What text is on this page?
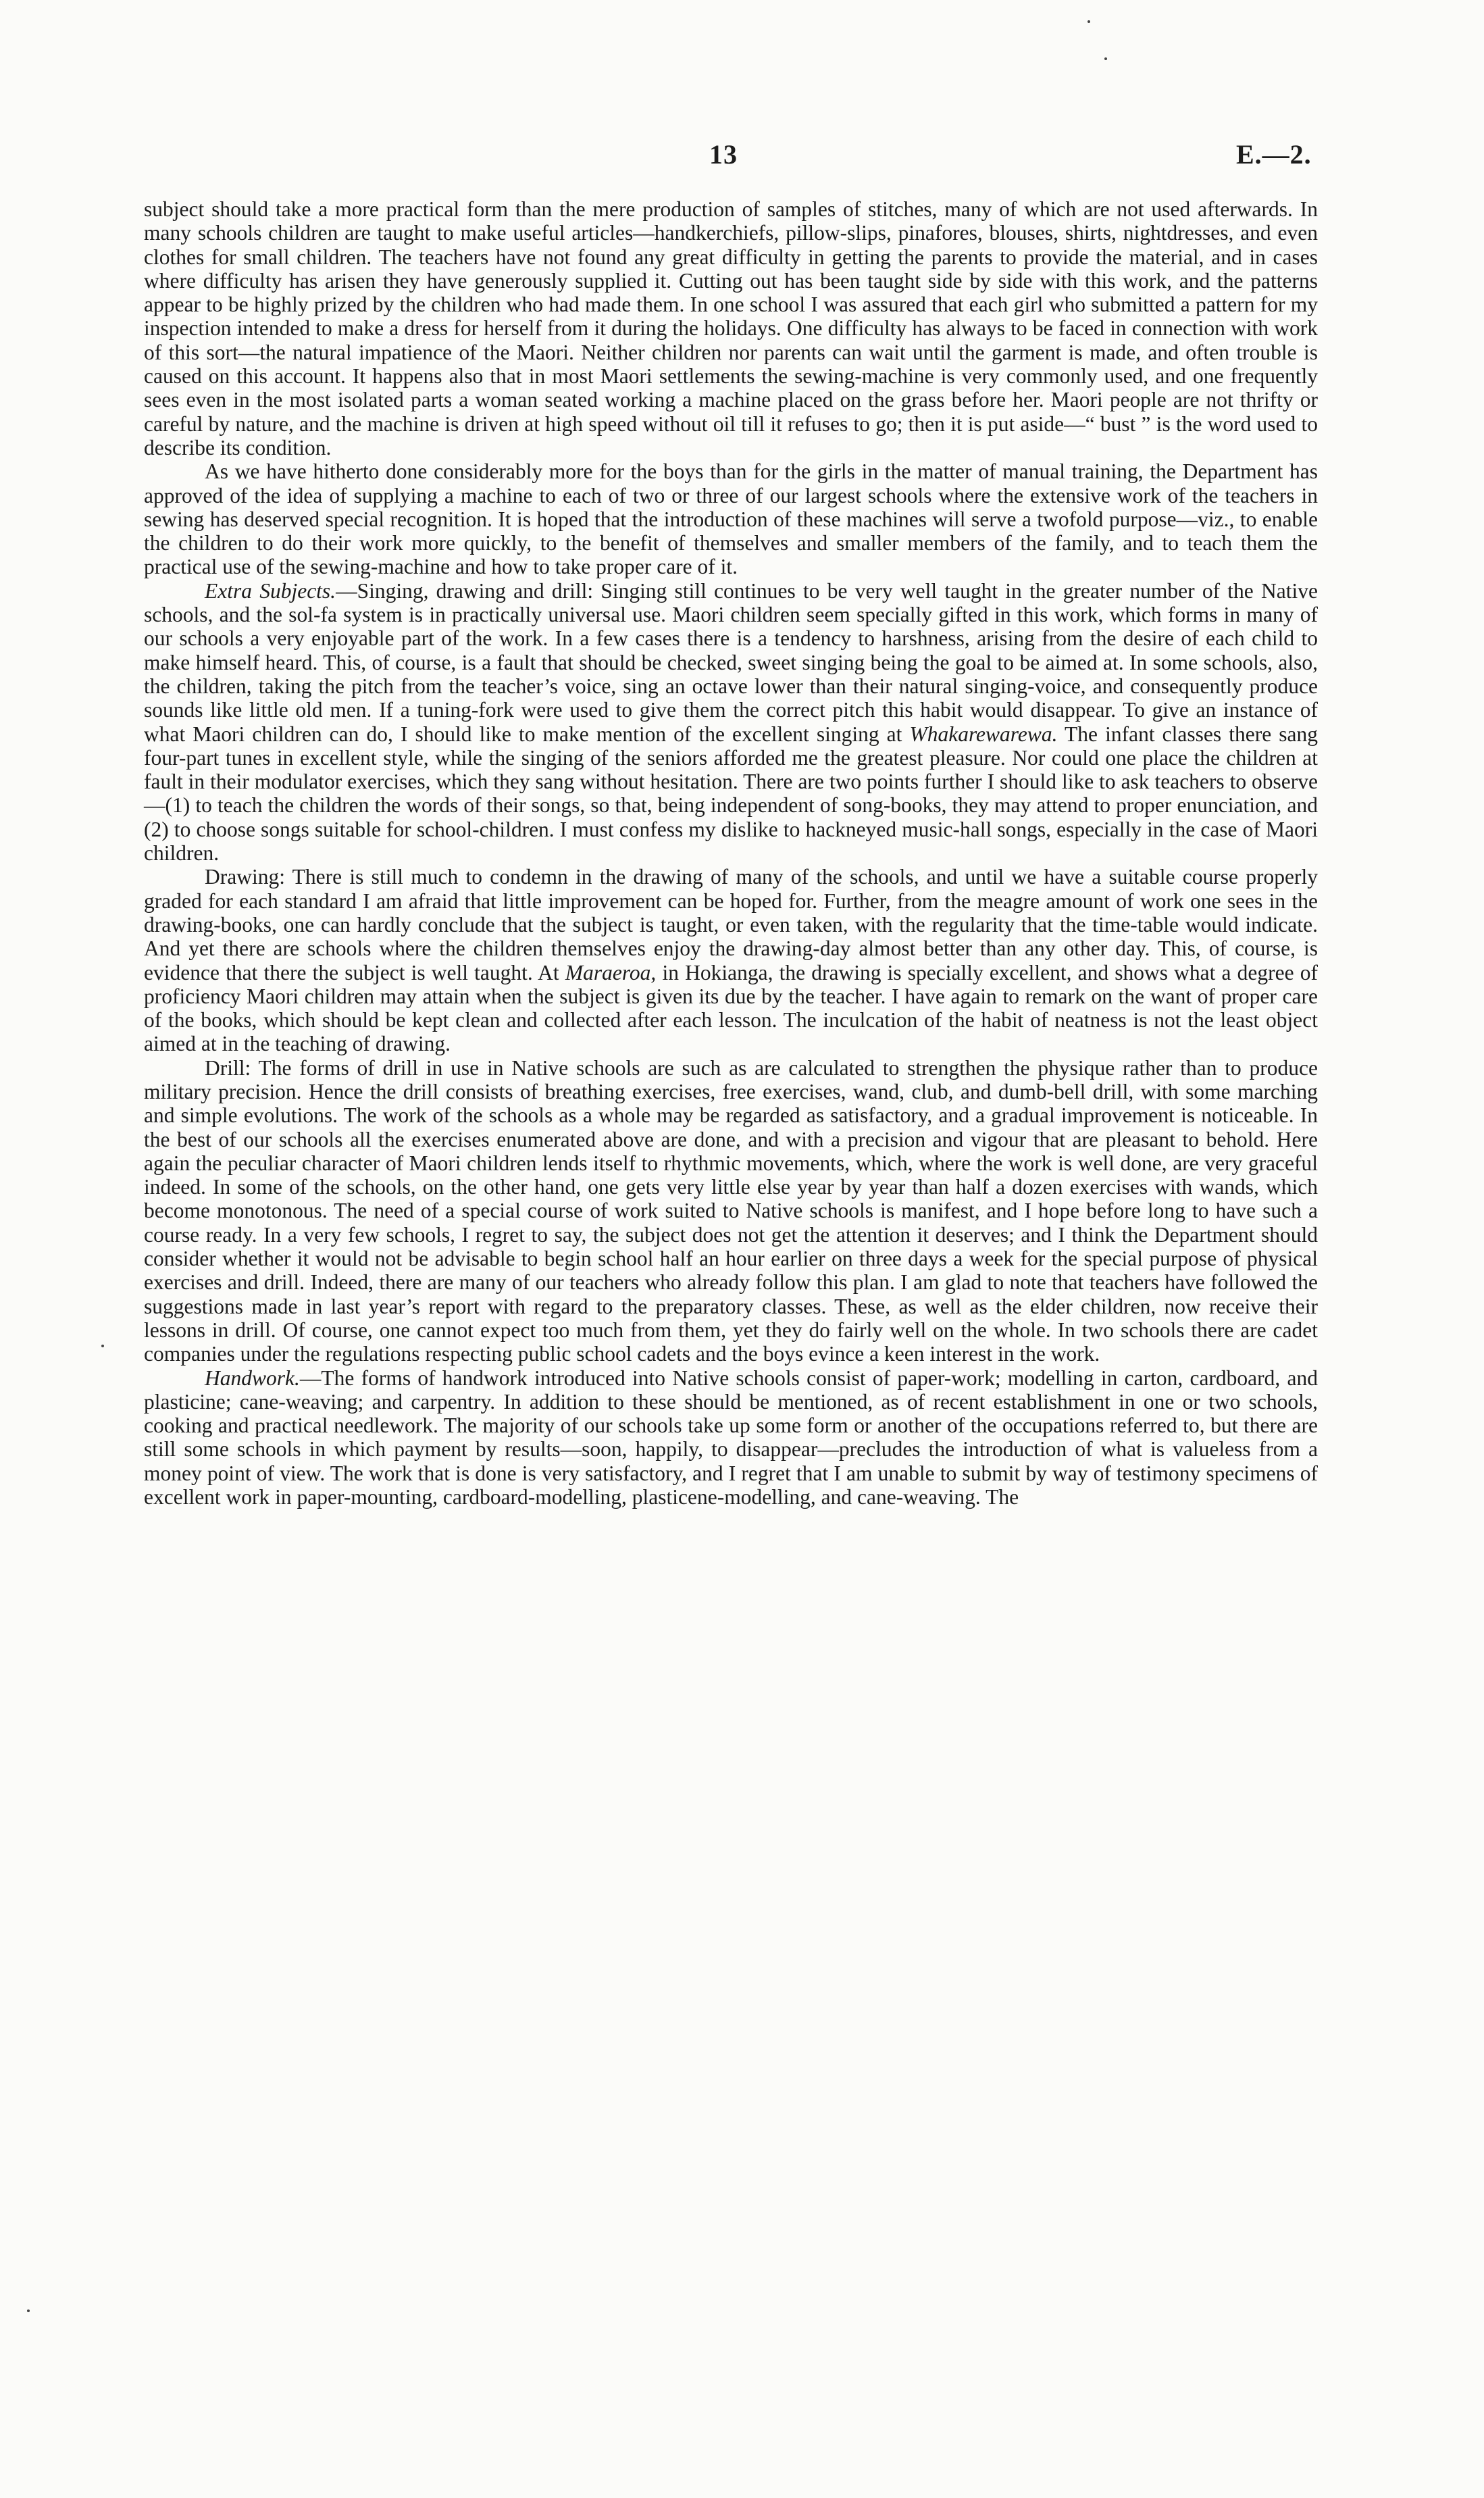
13	E.—2.

subject should take a more practical form than the mere production of samples of stitches, many of which are not used afterwards. In many schools children are taught to make useful articles—handkerchiefs, pillow-slips, pinafores, blouses, shirts, nightdresses, and even clothes for small children. The teachers have not found any great difficulty in getting the parents to provide the material, and in cases where difficulty has arisen they have generously supplied it. Cutting out has been taught side by side with this work, and the patterns appear to be highly prized by the children who had made them. In one school I was assured that each girl who submitted a pattern for my inspection intended to make a dress for herself from it during the holidays. One difficulty has always to be faced in connection with work of this sort—the natural impatience of the Maori. Neither children nor parents can wait until the garment is made, and often trouble is caused on this account. It happens also that in most Maori settlements the sewing-machine is very commonly used, and one frequently sees even in the most isolated parts a woman seated working a machine placed on the grass before her. Maori people are not thrifty or careful by nature, and the machine is driven at high speed without oil till it refuses to go; then it is put aside—“ bust ” is the word used to describe its condition.

As we have hitherto done considerably more for the boys than for the girls in the matter of manual training, the Department has approved of the idea of supplying a machine to each of two or three of our largest schools where the extensive work of the teachers in sewing has deserved special recognition. It is hoped that the introduction of these machines will serve a twofold purpose—viz., to enable the children to do their work more quickly, to the benefit of themselves and smaller members of the family, and to teach them the practical use of the sewing-machine and how to take proper care of it.

Extra Subjects.—Singing, drawing and drill: Singing still continues to be very well taught in the greater number of the Native schools, and the sol-fa system is in practically universal use. Maori children seem specially gifted in this work, which forms in many of our schools a very enjoyable part of the work. In a few cases there is a tendency to harshness, arising from the desire of each child to make himself heard. This, of course, is a fault that should be checked, sweet singing being the goal to be aimed at. In some schools, also, the children, taking the pitch from the teacher’s voice, sing an octave lower than their natural singing-voice, and consequently produce sounds like little old men. If a tuning-fork were used to give them the correct pitch this habit would disappear. To give an instance of what Maori children can do, I should like to make mention of the excellent singing at Whakarewarewa. The infant classes there sang four-part tunes in excellent style, while the singing of the seniors afforded me the greatest pleasure. Nor could one place the children at fault in their modulator exercises, which they sang without hesitation. There are two points further I should like to ask teachers to observe—(1) to teach the children the words of their songs, so that, being independent of song-books, they may attend to proper enunciation, and (2) to choose songs suitable for school-children. I must confess my dislike to hackneyed music-hall songs, especially in the case of Maori children.

Drawing: There is still much to condemn in the drawing of many of the schools, and until we have a suitable course properly graded for each standard I am afraid that little improvement can be hoped for. Further, from the meagre amount of work one sees in the drawing-books, one can hardly conclude that the subject is taught, or even taken, with the regularity that the time-table would indicate. And yet there are schools where the children themselves enjoy the drawing-day almost better than any other day. This, of course, is evidence that there the subject is well taught. At Maraeroa, in Hokianga, the drawing is specially excellent, and shows what a degree of proficiency Maori children may attain when the subject is given its due by the teacher. I have again to remark on the want of proper care of the books, which should be kept clean and collected after each lesson. The inculcation of the habit of neatness is not the least object aimed at in the teaching of drawing.

Drill: The forms of drill in use in Native schools are such as are calculated to strengthen the physique rather than to produce military precision. Hence the drill consists of breathing exercises, free exercises, wand, club, and dumb-bell drill, with some marching and simple evolutions. The work of the schools as a whole may be regarded as satisfactory, and a gradual improvement is noticeable. In the best of our schools all the exercises enumerated above are done, and with a precision and vigour that are pleasant to behold. Here again the peculiar character of Maori children lends itself to rhythmic movements, which, where the work is well done, are very graceful indeed. In some of the schools, on the other hand, one gets very little else year by year than half a dozen exercises with wands, which become monotonous. The need of a special course of work suited to Native schools is manifest, and I hope before long to have such a course ready. In a very few schools, I regret to say, the subject does not get the attention it deserves; and I think the Department should consider whether it would not be advisable to begin school half an hour earlier on three days a week for the special purpose of physical exercises and drill. Indeed, there are many of our teachers who already follow this plan. I am glad to note that teachers have followed the suggestions made in last year’s report with regard to the preparatory classes. These, as well as the elder children, now receive their lessons in drill. Of course, one cannot expect too much from them, yet they do fairly well on the whole. In two schools there are cadet companies under the regulations respecting public school cadets and the boys evince a keen interest in the work.

Handwork.—The forms of handwork introduced into Native schools consist of paper-work; modelling in carton, cardboard, and plasticine; cane-weaving; and carpentry. In addition to these should be mentioned, as of recent establishment in one or two schools, cooking and practical needlework. The majority of our schools take up some form or another of the occupations referred to, but there are still some schools in which payment by results—soon, happily, to disappear—precludes the introduction of what is valueless from a money point of view. The work that is done is very satisfactory, and I regret that I am unable to submit by way of testimony specimens of excellent work in paper-mounting, cardboard-modelling, plasticene-modelling, and cane-weaving. The
